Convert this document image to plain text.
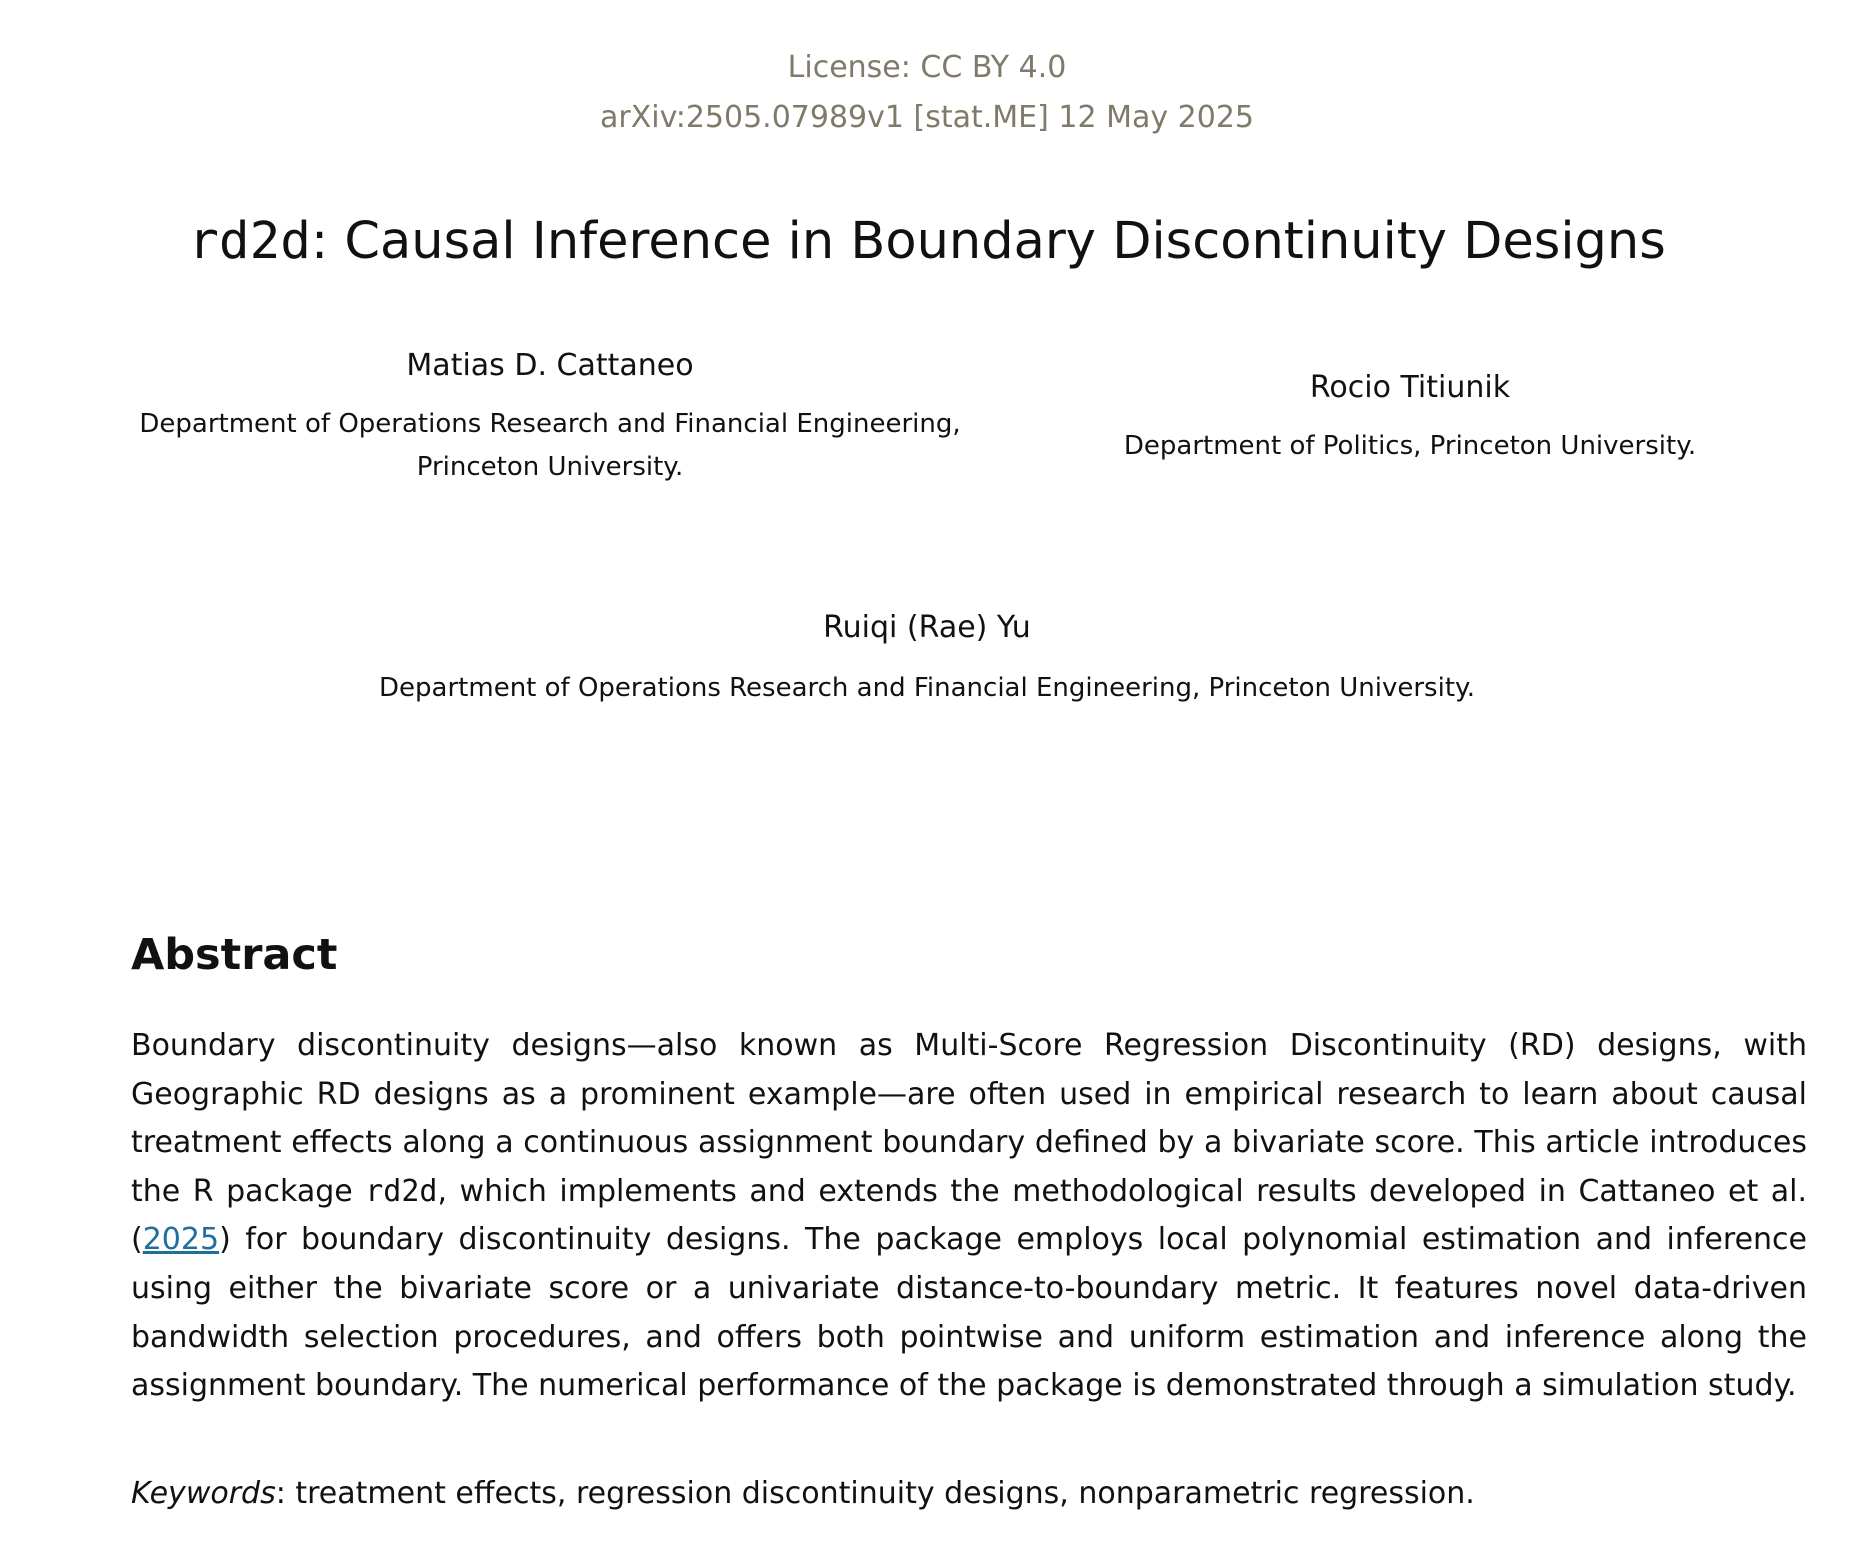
License: CC BY 4.0
arXiv:2505.07989v1 [stat.ME] 12 May 2025
rd2d: Causal Inference in Boundary Discontinuity Designs
Matias D. Cattaneo
Department of Operations Research and Financial Engineering,
Princeton University.
Rocio Titiunik
Department of Politics, Princeton University.
Ruiqi (Rae) Yu
Department of Operations Research and Financial Engineering, Princeton University.
Abstract

Boundary discontinuity designs—also known as Multi-Score Regression Discontinuity (RD) designs, with Geographic RD designs as a prominent example—are often used in empirical research to learn about causal treatment effects along a continuous assignment boundary defined by a bivariate score. This article introduces the R package rd2d, which implements and extends the methodological results developed in Cattaneo et al. (2025) for boundary discontinuity designs. The package employs local polynomial estimation and inference using either the bivariate score or a univariate distance-to-boundary metric. It features novel data-driven bandwidth selection procedures, and offers both pointwise and uniform estimation and inference along the assignment boundary. The numerical performance of the package is demonstrated through a simulation study.

Keywords: treatment effects, regression discontinuity designs, nonparametric regression.
